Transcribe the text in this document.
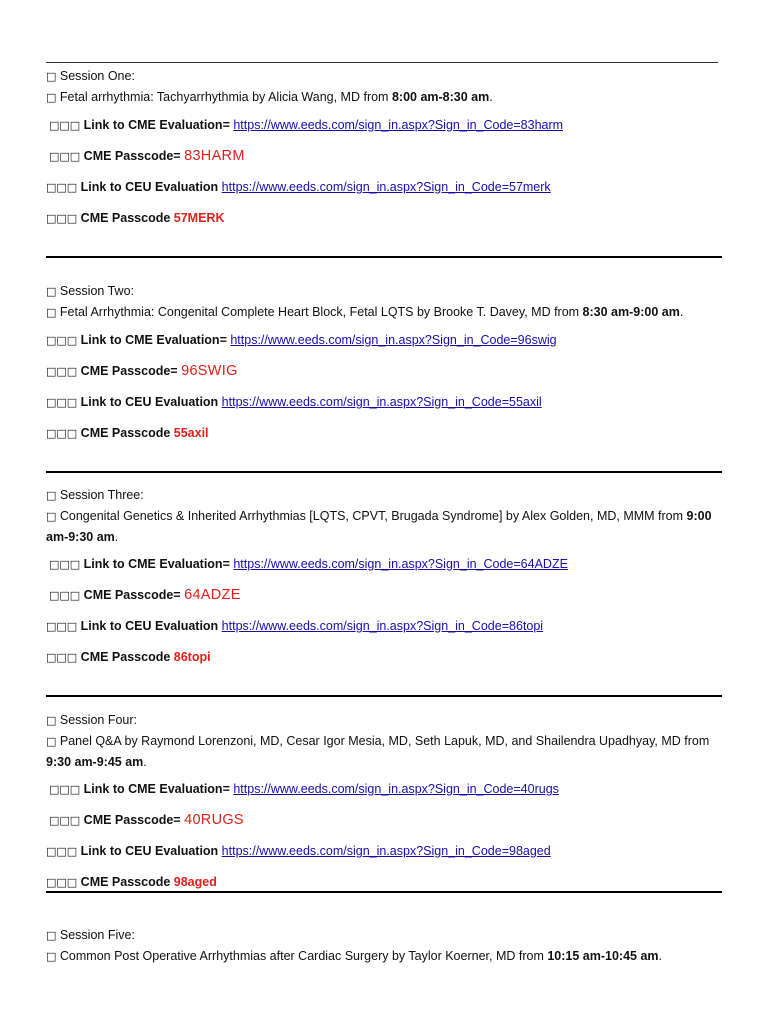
□ Session One:
□ Fetal arrhythmia: Tachyarrhythmia by Alicia Wang, MD from 8:00 am-8:30 am.
□□□ Link to CME Evaluation= https://www.eeds.com/sign_in.aspx?Sign_in_Code=83harm
□□□ CME Passcode= 83HARM
□□□ Link to CEU Evaluation https://www.eeds.com/sign_in.aspx?Sign_in_Code=57merk
□□□ CME Passcode 57MERK
□ Session Two:
□ Fetal Arrhythmia: Congenital Complete Heart Block, Fetal LQTS by Brooke T. Davey, MD from 8:30 am-9:00 am.
□□□ Link to CME Evaluation= https://www.eeds.com/sign_in.aspx?Sign_in_Code=96swig
□□□ CME Passcode= 96SWIG
□□□ Link to CEU Evaluation https://www.eeds.com/sign_in.aspx?Sign_in_Code=55axil
□□□ CME Passcode 55axil
□ Session Three:
□ Congenital Genetics & Inherited Arrhythmias [LQTS, CPVT, Brugada Syndrome] by Alex Golden, MD, MMM from 9:00 am-9:30 am.
□□□ Link to CME Evaluation= https://www.eeds.com/sign_in.aspx?Sign_in_Code=64ADZE
□□□ CME Passcode= 64ADZE
□□□ Link to CEU Evaluation https://www.eeds.com/sign_in.aspx?Sign_in_Code=86topi
□□□ CME Passcode 86topi
□ Session Four:
□ Panel Q&A by Raymond Lorenzoni, MD, Cesar Igor Mesia, MD, Seth Lapuk, MD, and Shailendra Upadhyay, MD from 9:30 am-9:45 am.
□□□ Link to CME Evaluation= https://www.eeds.com/sign_in.aspx?Sign_in_Code=40rugs
□□□ CME Passcode= 40RUGS
□□□ Link to CEU Evaluation https://www.eeds.com/sign_in.aspx?Sign_in_Code=98aged
□□□ CME Passcode 98aged
□ Session Five:
□ Common Post Operative Arrhythmias after Cardiac Surgery by Taylor Koerner, MD from 10:15 am-10:45 am.
